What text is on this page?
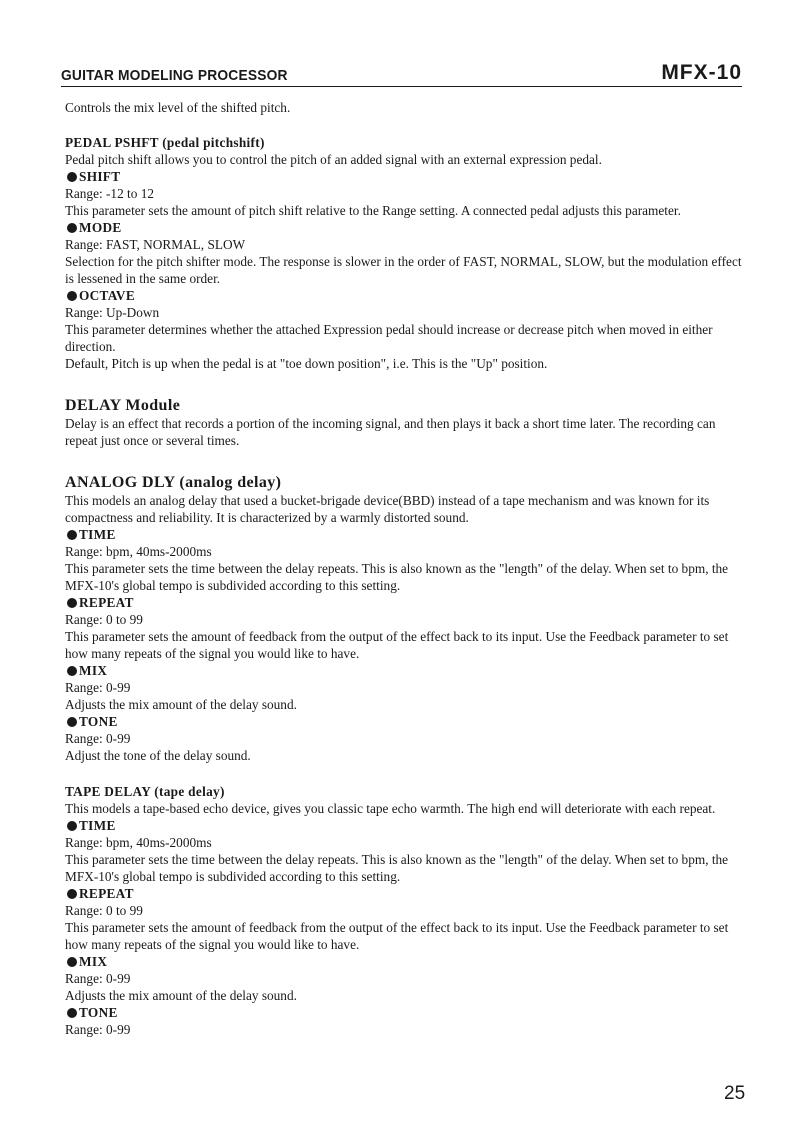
GUITAR MODELING PROCESSOR	MFX-10

Controls the mix level of the shifted pitch.

PEDAL PSHFT (pedal pitchshift)

Pedal pitch shift allows you to control the pitch of an added signal with an external expression pedal.

SHIFT

Range: -12 to 12

This parameter sets the amount of pitch shift relative to the Range setting. A connected pedal adjusts this parameter.

MODE

Range: FAST, NORMAL, SLOW

Selection for the pitch shifter mode. The response is slower in the order of FAST, NORMAL, SLOW, but the modulation effect is lessened in the same order.

OCTAVE

Range: Up-Down

This parameter determines whether the attached Expression pedal should increase or decrease pitch when moved in either direction.

Default, Pitch is up when the pedal is at "toe down position", i.e. This is the "Up" position.

DELAY Module

Delay is an effect that records a portion of the incoming signal, and then plays it back a short time later. The recording can repeat just once or several times.

ANALOG DLY (analog delay)

This models an analog delay that used a bucket-brigade device(BBD) instead of a tape mechanism and was known for its compactness and reliability. It is characterized by a warmly distorted sound.

TIME

Range: bpm, 40ms-2000ms

This parameter sets the time between the delay repeats. This is also known as the "length" of the delay. When set to bpm, the MFX-10's global tempo is subdivided according to this setting.

REPEAT

Range: 0 to 99

This parameter sets the amount of feedback from the output of the effect back to its input. Use the Feedback parameter to set how many repeats of the signal you would like to have.

MIX

Range: 0-99

Adjusts the mix amount of the delay sound.

TONE

Range: 0-99

Adjust the tone of the delay sound.

TAPE DELAY (tape delay)

This models a tape-based echo device, gives you classic tape echo warmth. The high end will deteriorate with each repeat.

TIME

Range: bpm, 40ms-2000ms

This parameter sets the time between the delay repeats. This is also known as the "length" of the delay. When set to bpm, the MFX-10's global tempo is subdivided according to this setting.

REPEAT

Range: 0 to 99

This parameter sets the amount of feedback from the output of the effect back to its input. Use the Feedback parameter to set how many repeats of the signal you would like to have.

MIX

Range: 0-99

Adjusts the mix amount of the delay sound.

TONE

Range: 0-99

25
